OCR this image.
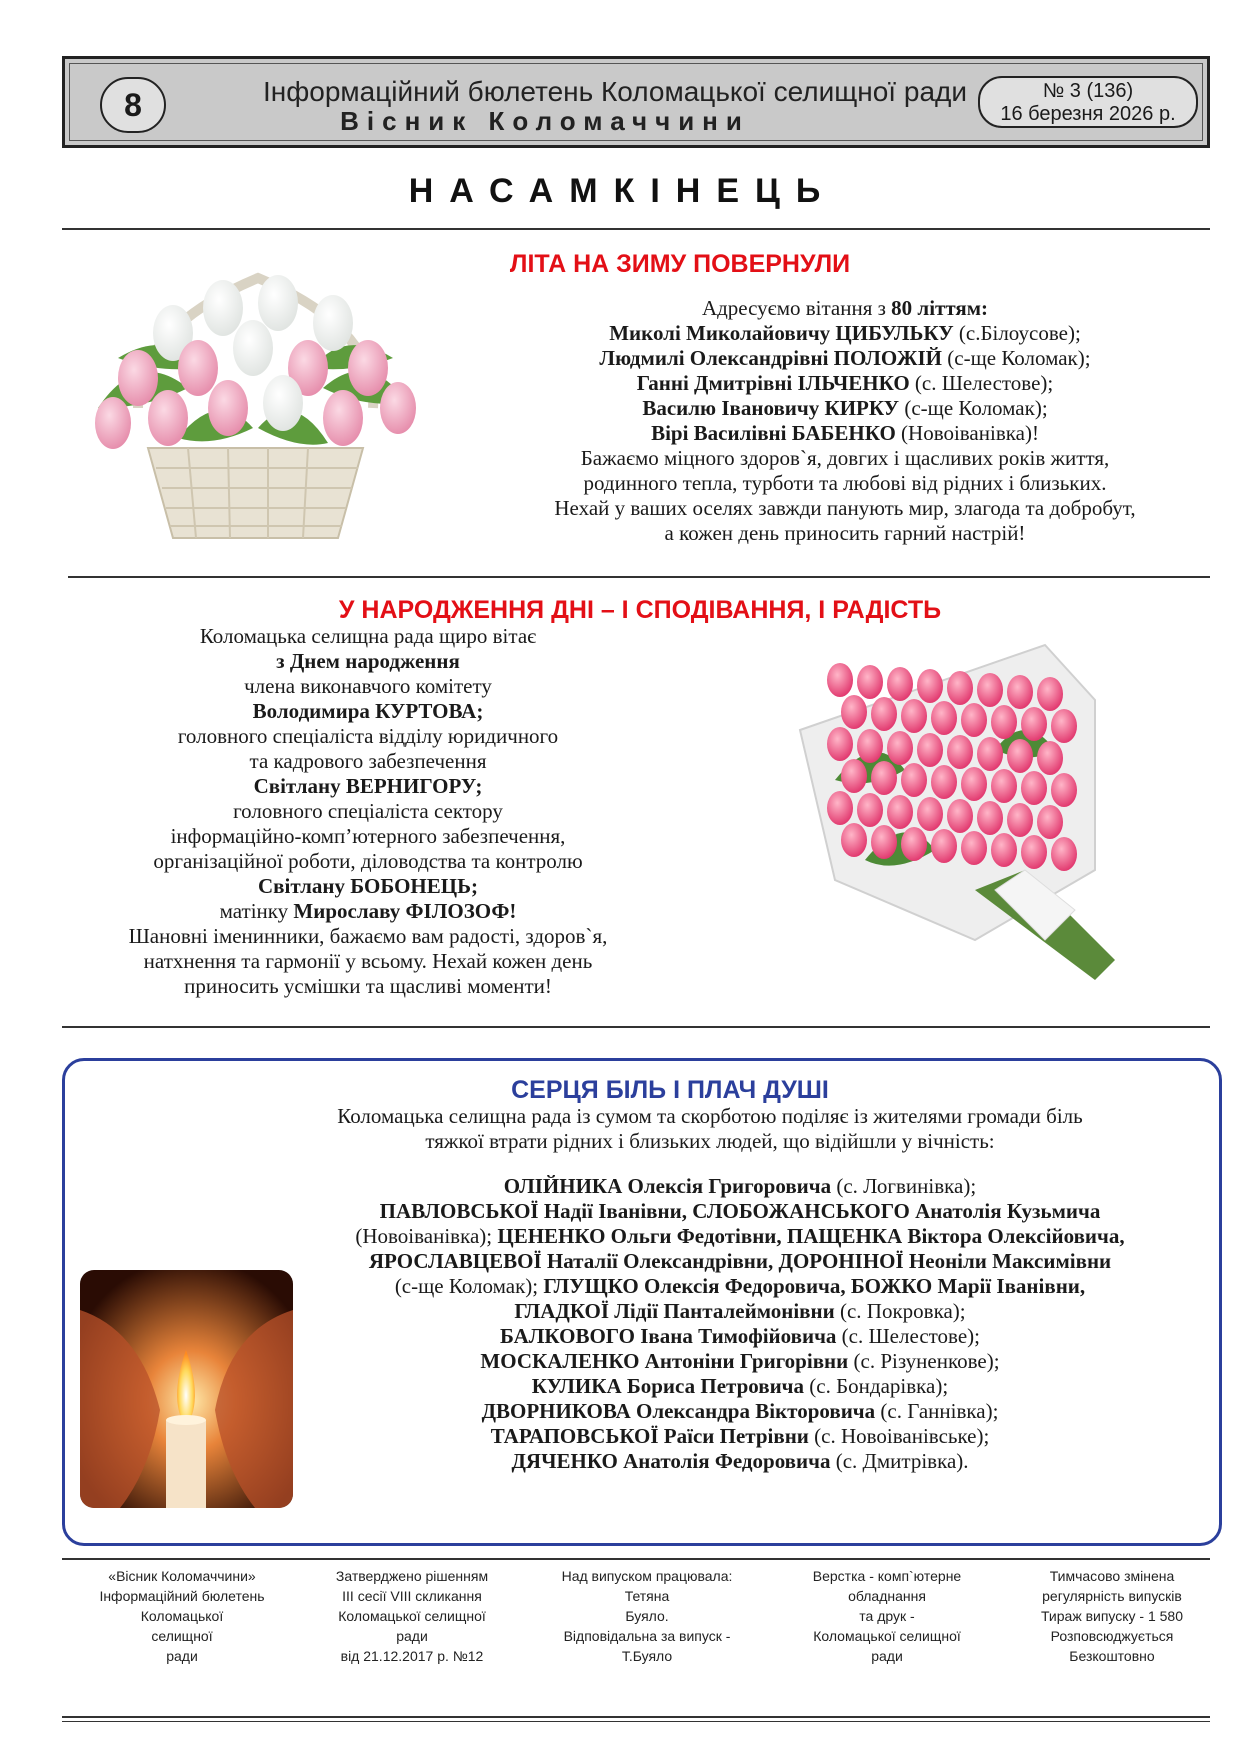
8	Інформаційний бюлетень Коломацької селищної ради
Вісник Коломаччини
№ 3 (136)
16 березня 2026 р.
НАСАМКІНЕЦЬ
ЛІТА НА ЗИМУ ПОВЕРНУЛИ

Адресуємо вітання з 80 літтям:

Миколі Миколайовичу ЦИБУЛЬКУ (с.Білоусове);

Людмилі Олександрівні ПОЛОЖІЙ (с-ще Коломак);

Ганні Дмитрівні ІЛЬЧЕНКО (с. Шелестове);

Василю Івановичу КИРКУ (с-ще Коломак);

Вірі Василівні БАБЕНКО (Новоіванівка)!

Бажаємо міцного здоров`я, довгих і щасливих років життя,

родинного тепла, турботи та любові від рідних і близьких.

Нехай у ваших оселях завжди панують мир, злагода та добробут,

а кожен день приносить гарний настрій!

У НАРОДЖЕННЯ ДНІ – І СПОДІВАННЯ, І РАДІСТЬ

Коломацька селищна рада щиро вітає

з Днем народження

члена виконавчого комітету

Володимира КУРТОВА;

головного спеціаліста відділу юридичного

та кадрового забезпечення

Світлану ВЕРНИГОРУ;

головного спеціаліста сектору

інформаційно-комп’ютерного забезпечення,

організаційної роботи, діловодства та контролю

Світлану БОБОНЕЦЬ;

матінку Мирославу ФІЛОЗОФ!

Шановні іменинники, бажаємо вам радості, здоров`я,

натхнення та гармонії у всьому. Нехай кожен день

приносить усмішки та щасливі моменти!

СЕРЦЯ БІЛЬ І ПЛАЧ ДУШІ

Коломацька селищна рада із сумом та скорботою поділяє із жителями громади біль

тяжкої втрати рідних і близьких людей, що відійшли у вічність:

ОЛІЙНИКА Олексія Григоровича (с. Логвинівка);

ПАВЛОВСЬКОЇ Надії Іванівни, СЛОБОЖАНСЬКОГО Анатолія Кузьмича

(Новоіванівка); ЦЕНЕНКО Ольги Федотівни, ПАЩЕНКА Віктора Олексійовича,

ЯРОСЛАВЦЕВОЇ Наталії Олександрівни, ДОРОНІНОЇ Неоніли Максимівни

(с-ще Коломак); ГЛУЩКО Олексія Федоровича, БОЖКО Марії Іванівни,

ГЛАДКОЇ Лідії Панталеймонівни (с. Покровка);

БАЛКОВОГО Івана Тимофійовича (с. Шелестове);

МОСКАЛЕНКО Антоніни Григорівни (с. Різуненкове);

КУЛИКА Бориса Петровича (с. Бондарівка);

ДВОРНИКОВА Олександра Вікторовича (с. Ганнівка);

ТАРАПОВСЬКОЇ Раїси Петрівни (с. Новоіванівське);

ДЯЧЕНКО Анатолія Федоровича (с. Дмитрівка).

«Вісник Коломаччини»

Інформаційний бюлетень

Коломацької

селищної

ради

Затверджено рішенням

III сесії VIII скликання

Коломацької селищної

ради

від 21.12.2017 р. №12

Над випуском працювала:

Тетяна

Буяло.

Відповідальна за випуск -

Т.Буяло

Верстка - комп`ютерне

обладнання

та друк -

Коломацької селищної

ради

Тимчасово змінена

регулярність випусків

Тираж випуску - 1 580

Розповсюджується

Безкоштовно
